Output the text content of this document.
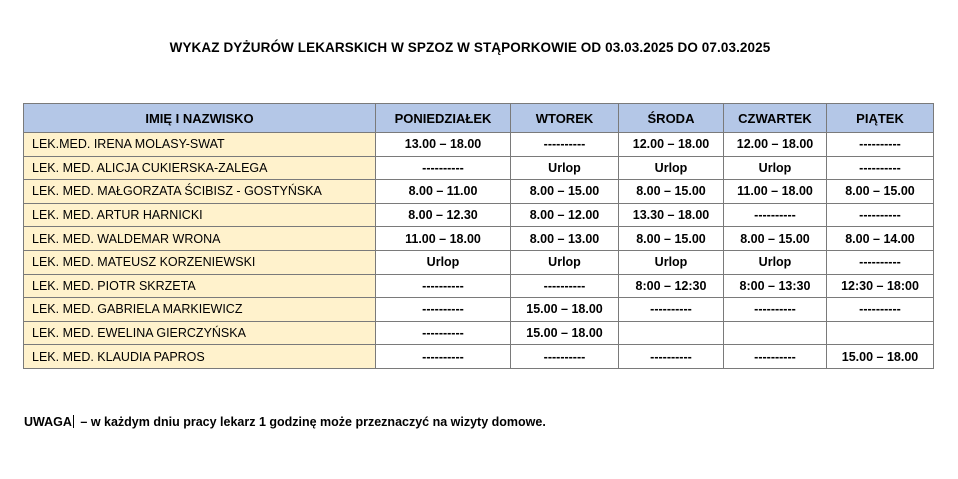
WYKAZ DYŻURÓW LEKARSKICH W SPZOZ W STĄPORKOWIE OD 03.03.2025 DO 07.03.2025
IMIĘ I NAZWISKO	PONIEDZIAŁEK	WTOREK	ŚRODA	CZWARTEK	PIĄTEK
LEK.MED. IRENA MOLASY-SWAT	13.00 – 18.00	----------	12.00 – 18.00	12.00 – 18.00	----------
LEK. MED. ALICJA CUKIERSKA-ZALEGA	----------	Urlop	Urlop	Urlop	----------
LEK. MED. MAŁGORZATA ŚCIBISZ - GOSTYŃSKA	8.00 – 11.00	8.00 – 15.00	8.00 – 15.00	11.00 – 18.00	8.00 – 15.00
LEK. MED. ARTUR HARNICKI	8.00 – 12.30	8.00 – 12.00	13.30 – 18.00	----------	----------
LEK. MED. WALDEMAR WRONA	11.00 – 18.00	8.00 – 13.00	8.00 – 15.00	8.00 – 15.00	8.00 – 14.00
LEK. MED. MATEUSZ KORZENIEWSKI	Urlop	Urlop	Urlop	Urlop	----------
LEK. MED. PIOTR SKRZETA	----------	----------	8:00 – 12:30	8:00 – 13:30	12:30 – 18:00
LEK. MED. GABRIELA MARKIEWICZ	----------	15.00 – 18.00	----------	----------	----------
LEK. MED. EWELINA GIERCZYŃSKA	----------	15.00 – 18.00			
LEK. MED. KLAUDIA PAPROS	----------	----------	----------	----------	15.00 – 18.00
UWAGA – w każdym dniu pracy lekarz 1 godzinę może przeznaczyć na wizyty domowe.
